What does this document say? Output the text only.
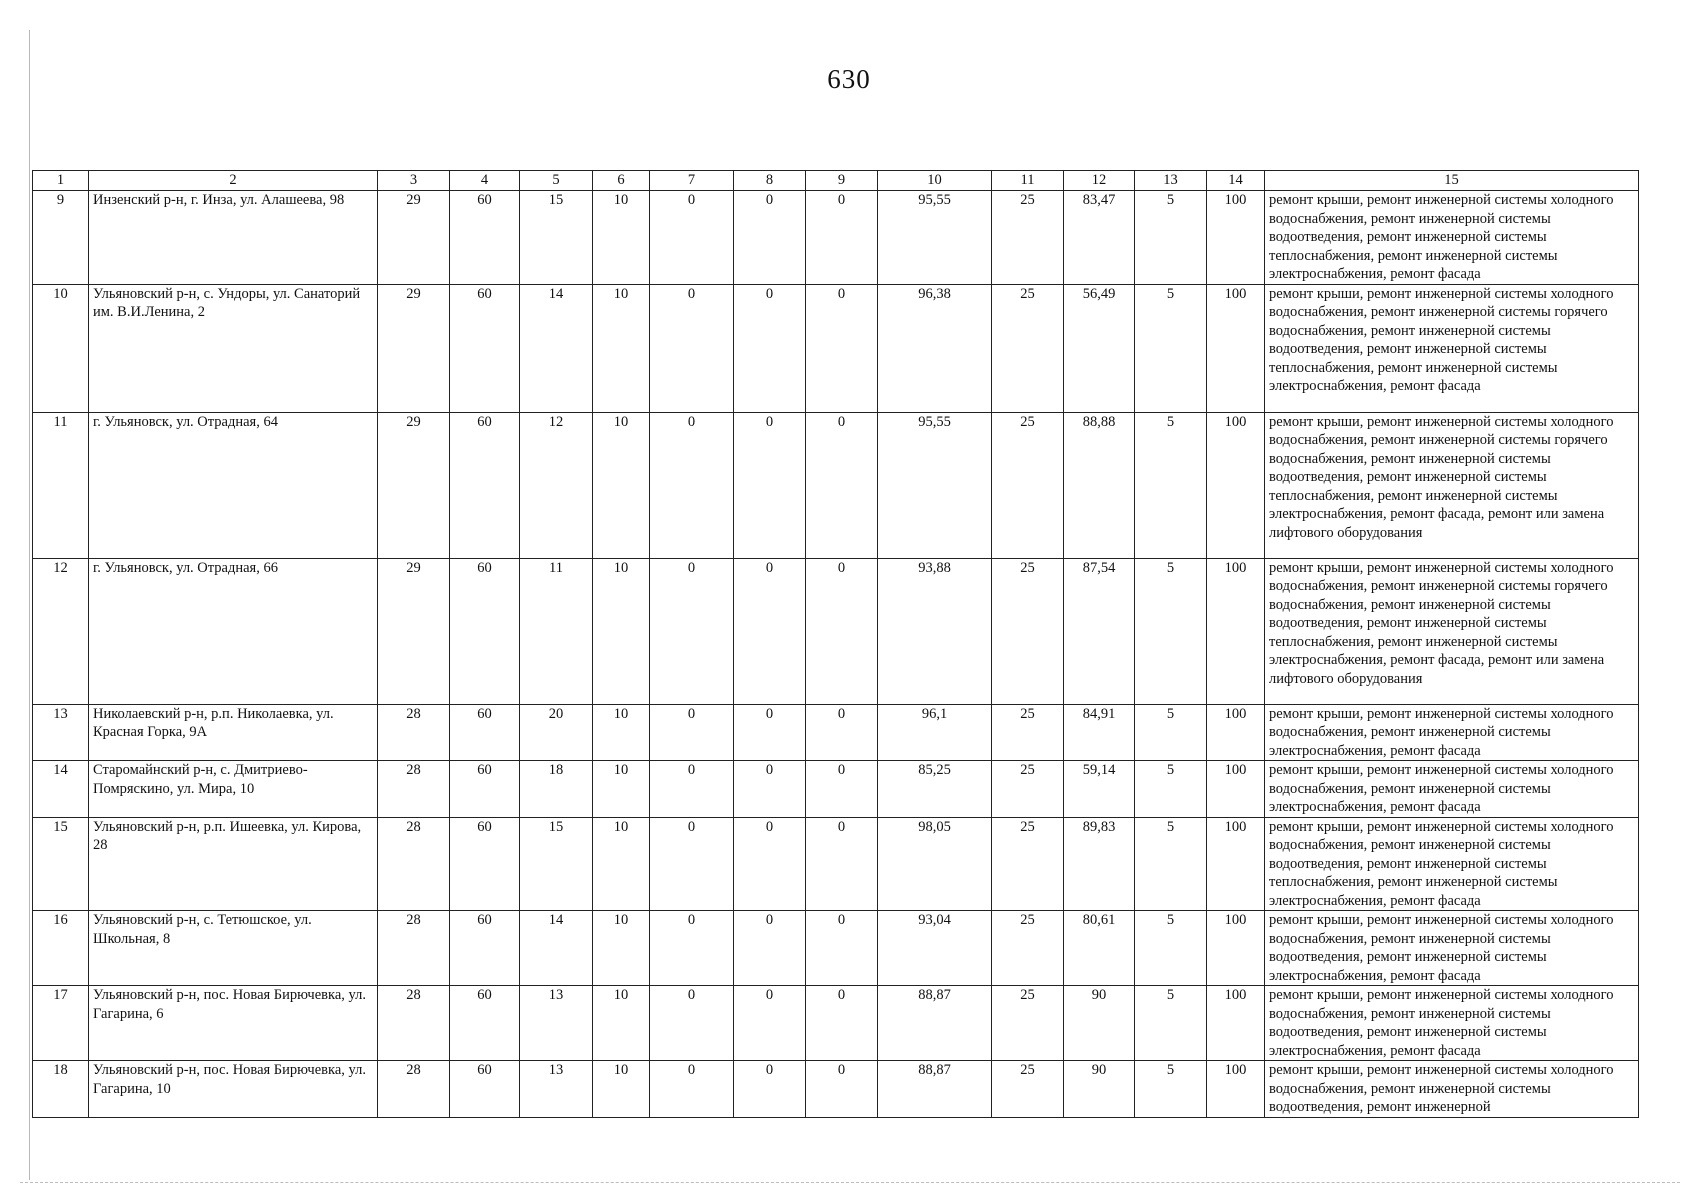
630
1	2	3	4	5	6	7	8	9	10	11	12	13	14	15
9	Инзенский р-н, г. Инза, ул. Алашеева, 98	29	60	15	10	0	0	0	95,55	25	83,47	5	100	ремонт крыши, ремонт инженерной системы холодного водоснабжения, ремонт инженерной системы водоотведения, ремонт инженерной системы теплоснабжения, ремонт инженерной системы электроснабжения, ремонт фасада
10	Ульяновский р-н, с. Ундоры, ул. Санаторий им. В.И.Ленина, 2	29	60	14	10	0	0	0	96,38	25	56,49	5	100	ремонт крыши, ремонт инженерной системы холодного водоснабжения, ремонт инженерной системы горячего водоснабжения, ремонт инженерной системы водоотведения, ремонт инженерной системы теплоснабжения, ремонт инженерной системы электроснабжения, ремонт фасада
11	г. Ульяновск, ул. Отрадная, 64	29	60	12	10	0	0	0	95,55	25	88,88	5	100	ремонт крыши, ремонт инженерной системы холодного водоснабжения, ремонт инженерной системы горячего водоснабжения, ремонт инженерной системы водоотведения, ремонт инженерной системы теплоснабжения, ремонт инженерной системы электроснабжения, ремонт фасада, ремонт или замена лифтового оборудования
12	г. Ульяновск, ул. Отрадная, 66	29	60	11	10	0	0	0	93,88	25	87,54	5	100	ремонт крыши, ремонт инженерной системы холодного водоснабжения, ремонт инженерной системы горячего водоснабжения, ремонт инженерной системы водоотведения, ремонт инженерной системы теплоснабжения, ремонт инженерной системы электроснабжения, ремонт фасада, ремонт или замена лифтового оборудования
13	Николаевский р-н, р.п. Николаевка, ул. Красная Горка, 9А	28	60	20	10	0	0	0	96,1	25	84,91	5	100	ремонт крыши, ремонт инженерной системы холодного водоснабжения, ремонт инженерной системы электроснабжения, ремонт фасада
14	Старомайнский р-н, с. Дмитриево-Помряскино, ул. Мира, 10	28	60	18	10	0	0	0	85,25	25	59,14	5	100	ремонт крыши, ремонт инженерной системы холодного водоснабжения, ремонт инженерной системы электроснабжения, ремонт фасада
15	Ульяновский р-н, р.п. Ишеевка, ул. Кирова, 28	28	60	15	10	0	0	0	98,05	25	89,83	5	100	ремонт крыши, ремонт инженерной системы холодного водоснабжения, ремонт инженерной системы водоотведения, ремонт инженерной системы теплоснабжения, ремонт инженерной системы электроснабжения, ремонт фасада
16	Ульяновский р-н, с. Тетюшское, ул. Школьная, 8	28	60	14	10	0	0	0	93,04	25	80,61	5	100	ремонт крыши, ремонт инженерной системы холодного водоснабжения, ремонт инженерной системы водоотведения, ремонт инженерной системы электроснабжения, ремонт фасада
17	Ульяновский р-н, пос. Новая Бирючевка, ул. Гагарина, 6	28	60	13	10	0	0	0	88,87	25	90	5	100	ремонт крыши, ремонт инженерной системы холодного водоснабжения, ремонт инженерной системы водоотведения, ремонт инженерной системы электроснабжения, ремонт фасада
18	Ульяновский р-н, пос. Новая Бирючевка, ул. Гагарина, 10	28	60	13	10	0	0	0	88,87	25	90	5	100	ремонт крыши, ремонт инженерной системы холодного водоснабжения, ремонт инженерной системы водоотведения, ремонт инженерной
